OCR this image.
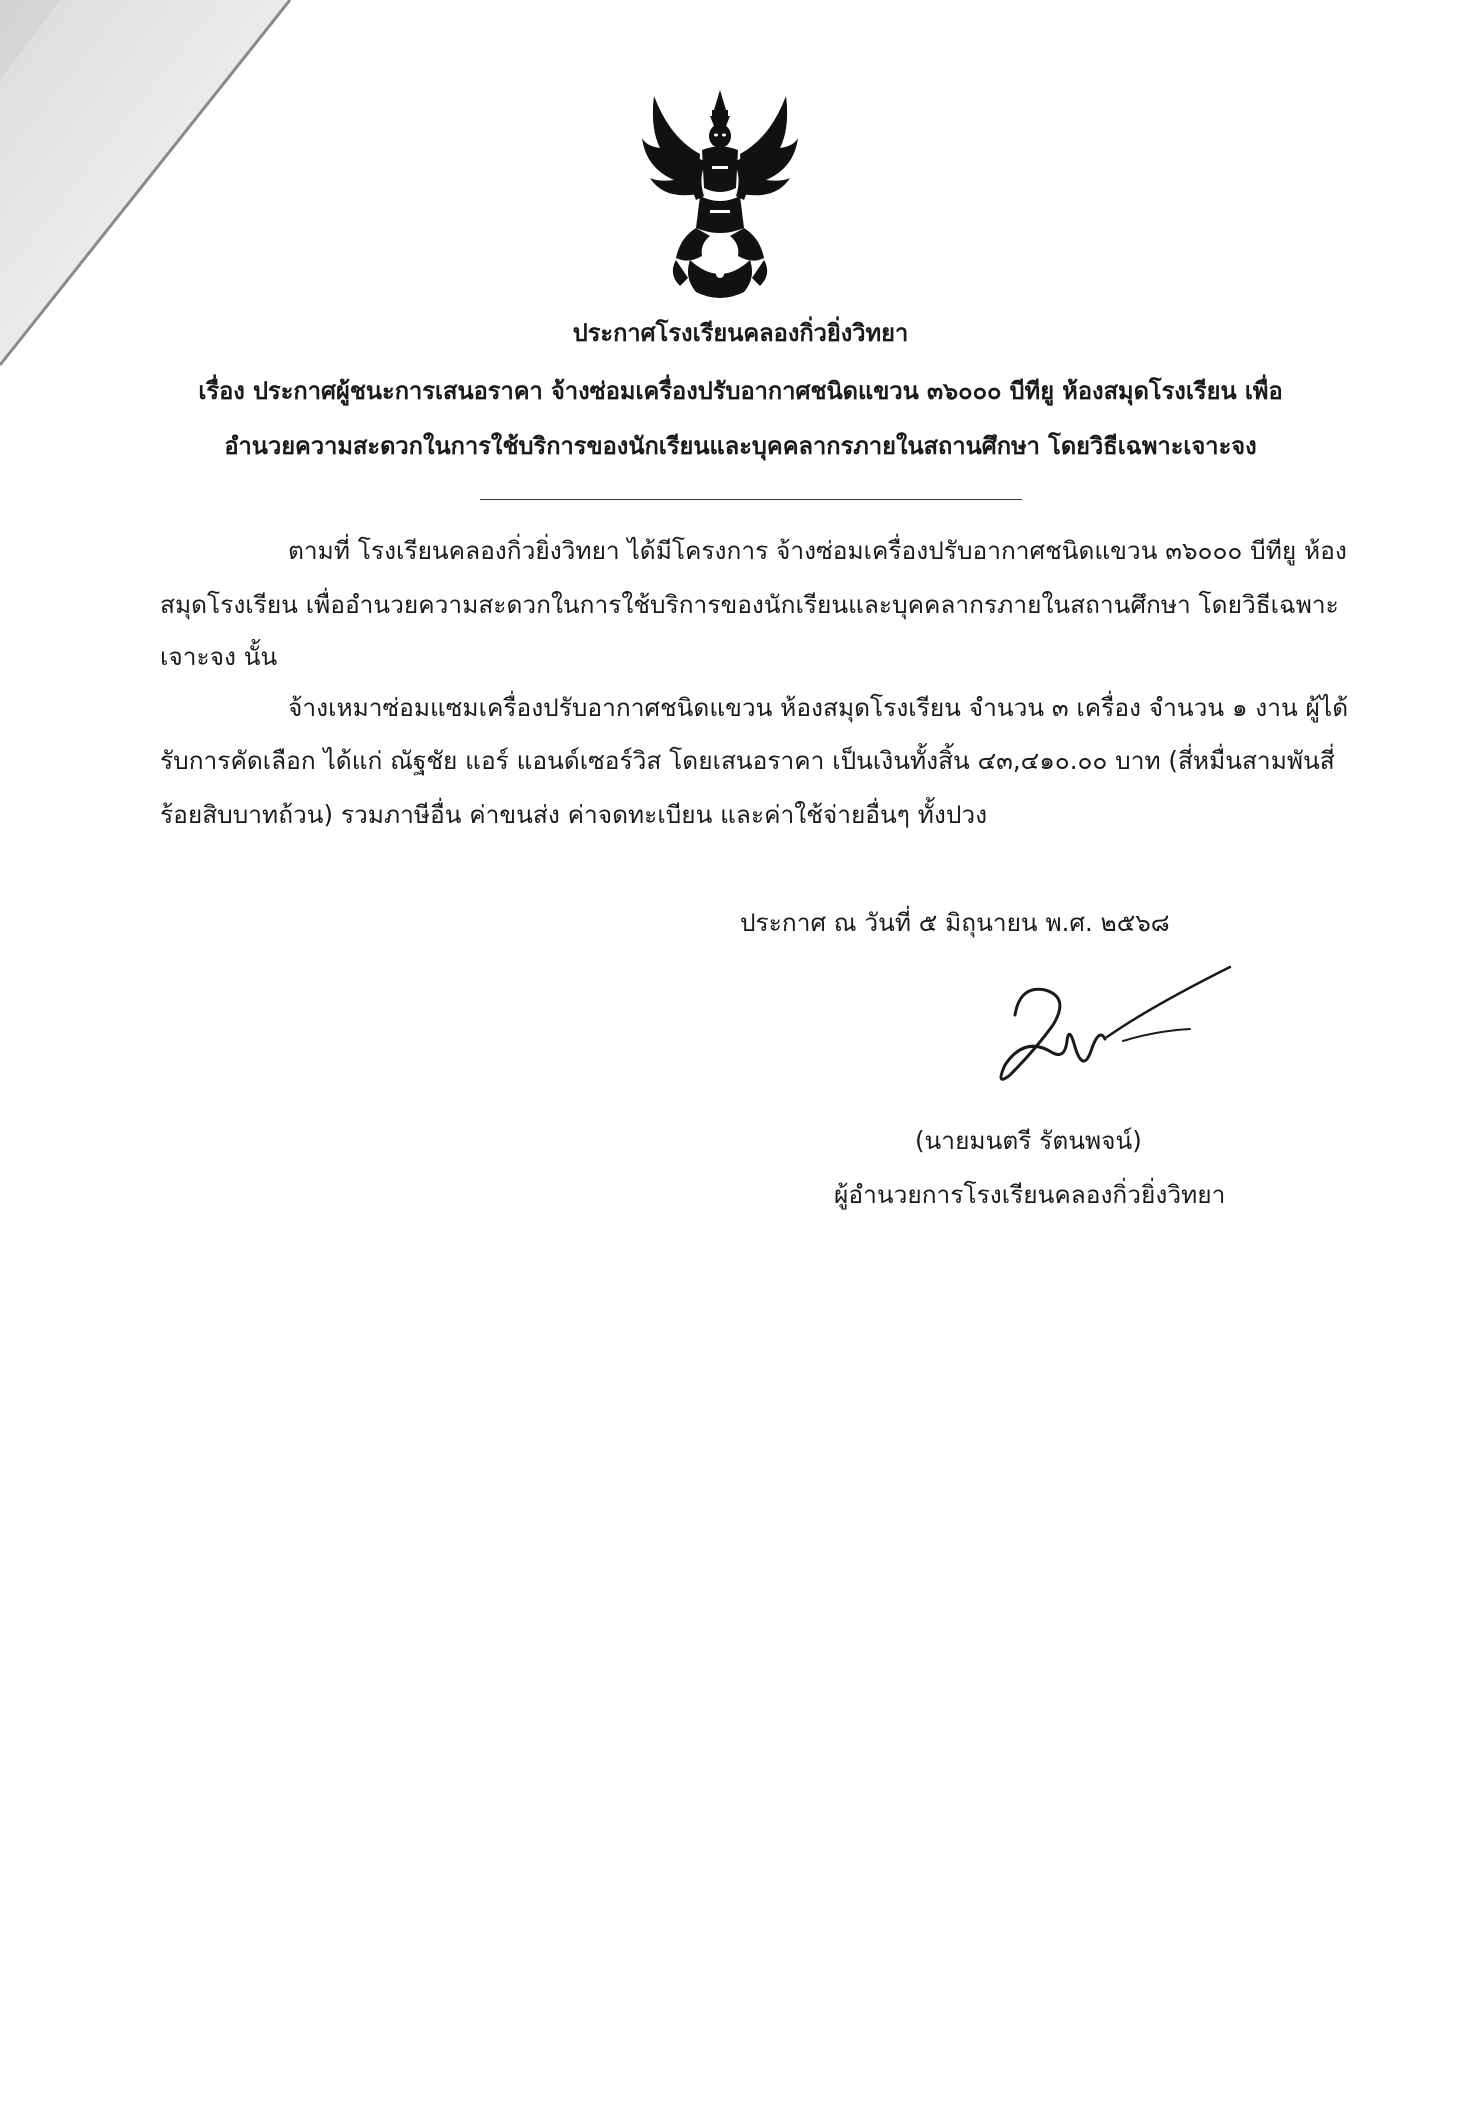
ประกาศโรงเรียนคลองกิ่วยิ่งวิทยา
เรื่อง ประกาศผู้ชนะการเสนอราคา จ้างซ่อมเครื่องปรับอากาศชนิดแขวน ๓๖๐๐๐ บีทียู ห้องสมุดโรงเรียน เพื่อ
อำนวยความสะดวกในการใช้บริการของนักเรียนและบุคคลากรภายในสถานศึกษา โดยวิธีเฉพาะเจาะจง
ตามที่ โรงเรียนคลองกิ่วยิ่งวิทยา ได้มีโครงการ จ้างซ่อมเครื่องปรับอากาศชนิดแขวน ๓๖๐๐๐ บีทียู ห้อง
สมุดโรงเรียน เพื่ออำนวยความสะดวกในการใช้บริการของนักเรียนและบุคคลากรภายในสถานศึกษา โดยวิธีเฉพาะ
เจาะจง นั้น
จ้างเหมาซ่อมแซมเครื่องปรับอากาศชนิดแขวน ห้องสมุดโรงเรียน จำนวน ๓ เครื่อง จำนวน ๑ งาน ผู้ได้
รับการคัดเลือก ได้แก่ ณัฐชัย แอร์ แอนด์เซอร์วิส โดยเสนอราคา เป็นเงินทั้งสิ้น ๔๓,๔๑๐.๐๐ บาท (สี่หมื่นสามพันสี่
ร้อยสิบบาทถ้วน) รวมภาษีอื่น ค่าขนส่ง ค่าจดทะเบียน และค่าใช้จ่ายอื่นๆ ทั้งปวง
ประกาศ ณ วันที่ ๕ มิถุนายน พ.ศ. ๒๕๖๘
(นายมนตรี รัตนพจน์)
ผู้อำนวยการโรงเรียนคลองกิ่วยิ่งวิทยา
